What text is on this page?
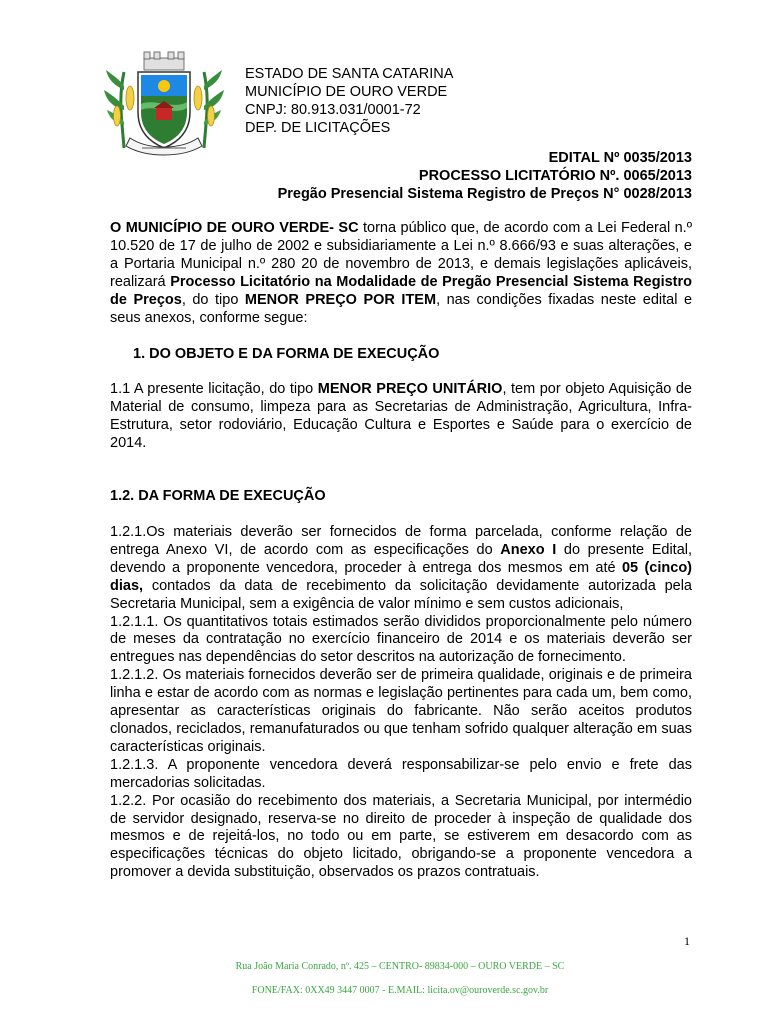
ESTADO DE SANTA CATARINA
MUNICÍPIO DE OURO VERDE
CNPJ: 80.913.031/0001-72
DEP. DE LICITAÇÕES
EDITAL Nº 0035/2013
PROCESSO LICITATÓRIO Nº. 0065/2013
Pregão Presencial Sistema Registro de Preços N° 0028/2013

O MUNICÍPIO DE OURO VERDE- SC torna público que, de acordo com a Lei Federal n.º 10.520 de 17 de julho de 2002 e subsidiariamente a Lei n.º 8.666/93 e suas alterações, e a Portaria Municipal n.º 280 20 de novembro de 2013, e demais legislações aplicáveis, realizará Processo Licitatório na Modalidade de Pregão Presencial Sistema Registro de Preços, do tipo MENOR PREÇO POR ITEM, nas condições fixadas neste edital e seus anexos, conforme segue:

1. DO OBJETO E DA FORMA DE EXECUÇÃO

1.1 A presente licitação, do tipo MENOR PREÇO UNITÁRIO, tem por objeto Aquisição de Material de consumo, limpeza para as Secretarias de Administração, Agricultura, Infra-Estrutura, setor rodoviário, Educação Cultura e Esportes e Saúde para o exercício de 2014.

1.2. DA FORMA DE EXECUÇÃO

1.2.1.Os materiais deverão ser fornecidos de forma parcelada, conforme relação de entrega Anexo VI, de acordo com as especificações do Anexo I do presente Edital, devendo a proponente vencedora, proceder à entrega dos mesmos em até 05 (cinco) dias, contados da data de recebimento da solicitação devidamente autorizada pela Secretaria Municipal, sem a exigência de valor mínimo e sem custos adicionais,

1.2.1.1. Os quantitativos totais estimados serão divididos proporcionalmente pelo número de meses da contratação no exercício financeiro de 2014 e os materiais deverão ser entregues nas dependências do setor descritos na autorização de fornecimento.

1.2.1.2. Os materiais fornecidos deverão ser de primeira qualidade, originais e de primeira linha e estar de acordo com as normas e legislação pertinentes para cada um, bem como, apresentar as características originais do fabricante. Não serão aceitos produtos clonados, reciclados, remanufaturados ou que tenham sofrido qualquer alteração em suas características originais.

1.2.1.3. A proponente vencedora deverá responsabilizar-se pelo envio e frete das mercadorias solicitadas.

1.2.2. Por ocasião do recebimento dos materiais, a Secretaria Municipal, por intermédio de servidor designado, reserva-se no direito de proceder à inspeção de qualidade dos mesmos e de rejeitá-los, no todo ou em parte, se estiverem em desacordo com as especificações técnicas do objeto licitado, obrigando-se a proponente vencedora a promover a devida substituição, observados os prazos contratuais.

1
Rua João Maria Conrado, nº. 425 – CENTRO- 89834-000 – OURO VERDE – SC
FONE/FAX: 0XX49 3447 0007 - E.MAIL: licita.ov@ouroverde.sc.gov.br
